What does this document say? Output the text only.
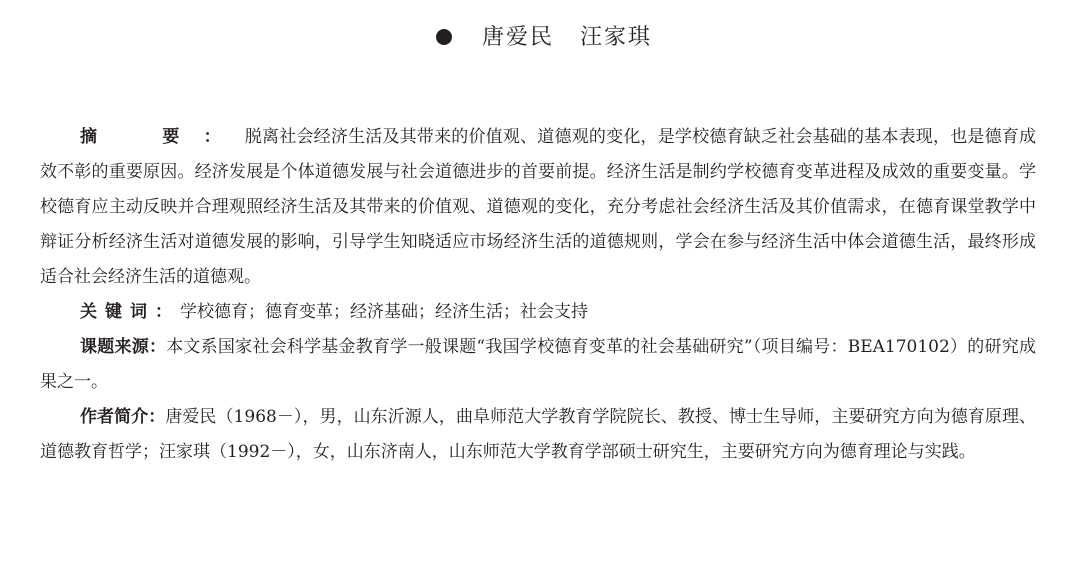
唐爱民 汪家琪

摘　要：脱离社会经济生活及其带来的价值观、道德观的变化，是学校德育缺乏社会基础的基本表现，也是德育成效不彰的重要原因。经济发展是个体道德发展与社会道德进步的首要前提。经济生活是制约学校德育变革进程及成效的重要变量。学校德育应主动反映并合理观照经济生活及其带来的价值观、道德观的变化，充分考虑社会经济生活及其价值需求，在德育课堂教学中辩证分析经济生活对道德发展的影响，引导学生知晓适应市场经济生活的道德规则，学会在参与经济生活中体会道德生活，最终形成适合社会经济生活的道德观。

关键词：学校德育；德育变革；经济基础；经济生活；社会支持

课题来源：本文系国家社会科学基金教育学一般课题“我国学校德育变革的社会基础研究”（项目编号：BEA170102）的研究成果之一。

作者简介：唐爱民（1968－），男，山东沂源人，曲阜师范大学教育学院院长、教授、博士生导师，主要研究方向为德育原理、道德教育哲学；汪家琪（1992－），女，山东济南人，山东师范大学教育学部硕士研究生，主要研究方向为德育理论与实践。
